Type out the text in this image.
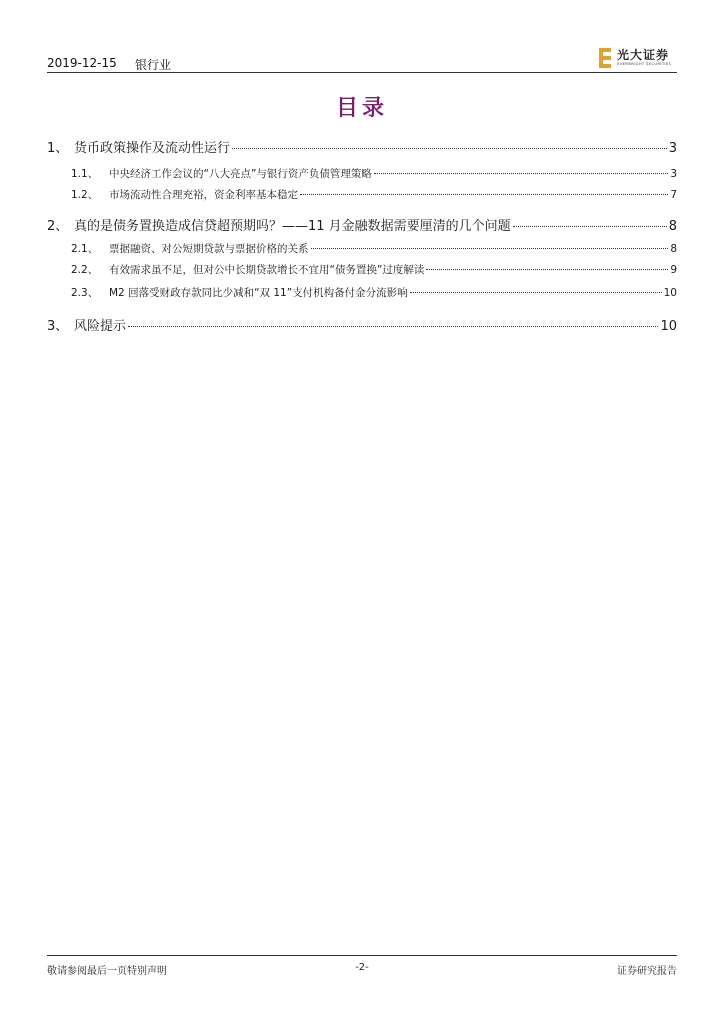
2019-12-15 银行业
光大证券
EVERBRIGHT SECURITIES
目录
1、 货币政策操作及流动性运行	3
1.1、	中央经济工作会议的“八大亮点”与银行资产负债管理策略	3
1.2、	市场流动性合理充裕，资金利率基本稳定	7
2、 真的是债务置换造成信贷超预期吗？——11 月金融数据需要厘清的几个问题	8
2.1、	票据融资、对公短期贷款与票据价格的关系	8
2.2、	有效需求虽不足，但对公中长期贷款增长不宜用“债务置换”过度解读	9
2.3、	M2 回落受财政存款同比少减和“双 11”支付机构备付金分流影响	10
3、 风险提示	10
敬请参阅最后一页特别声明	-2-	证券研究报告
